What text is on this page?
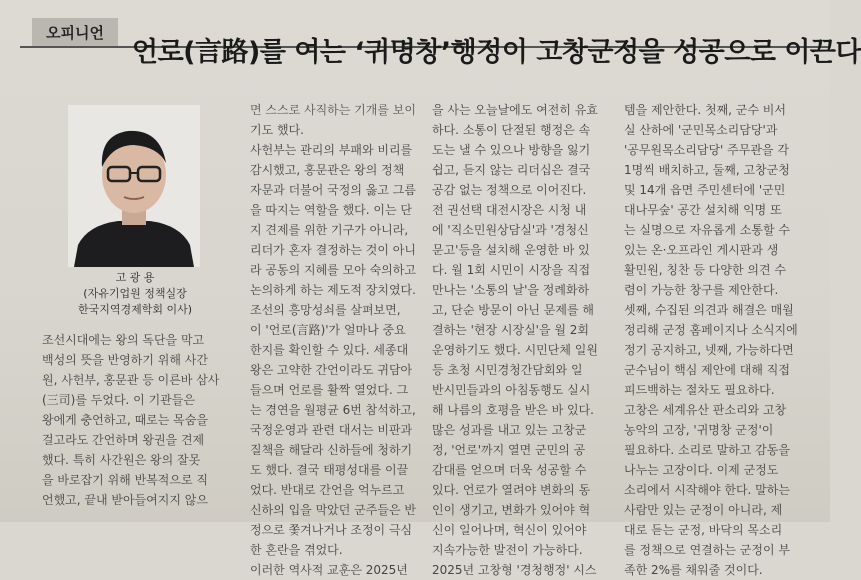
오피니언
언로(言路)를 여는 ‘귀명창’행정이 고창군정을 성공으로 이끈다
고 광 용
(자유기업원 정책실장
한국지역경제학회 이사)
조선시대에는 왕의 독단을 막고
백성의 뜻을 반영하기 위해 사간
원, 사헌부, 홍문관 등 이른바 삼사
(三司)를 두었다. 이 기관들은
왕에게 충언하고, 때로는 목숨을
걸고라도 간언하며 왕권을 견제
했다. 특히 사간원은 왕의 잘못
을 바로잡기 위해 반복적으로 직
언했고, 끝내 받아들여지지 않으
면 스스로 사직하는 기개를 보이
기도 했다.
사헌부는 관리의 부패와 비리를
감시했고, 홍문관은 왕의 정책
자문과 더불어 국정의 옳고 그름
을 따지는 역할을 했다. 이는 단
지 견제를 위한 기구가 아니라,
리더가 혼자 결정하는 것이 아니
라 공동의 지혜를 모아 숙의하고
논의하게 하는 제도적 장치였다.
조선의 흥망성쇠를 살펴보면,
이 '언로(言路)'가 얼마나 중요
한지를 확인할 수 있다. 세종대
왕은 고약한 간언이라도 귀담아
들으며 언로를 활짝 열었다. 그
는 경연을 월평균 6번 참석하고,
국정운영과 관련 대서는 비판과
질책을 해달라 신하들에 청하기
도 했다. 결국 태평성대를 이끌
었다. 반대로 간언을 억누르고
신하의 입을 막았던 군주들은 반
정으로 쫓겨나거나 조정이 극심
한 혼란을 겪었다.
이러한 역사적 교훈은 2025년
을 사는 오늘날에도 여전히 유효
하다. 소통이 단절된 행정은 속
도는 낼 수 있으나 방향을 잃기
쉽고, 듣지 않는 리더십은 결국
공감 없는 정책으로 이어진다.
전 권선택 대전시장은 시청 내
에 '직소민원상담실'과 '경청신
문고'등을 설치해 운영한 바 있
다. 월 1회 시민이 시장을 직접
만나는 '소통의 날'을 정례화하
고, 단순 방문이 아닌 문제를 해
결하는 '현장 시장실'을 월 2회
운영하기도 했다. 시민단체 일원
등 초청 시민경청간담회와 일
반시민들과의 아침동행도 실시
해 나름의 호평을 받은 바 있다.
많은 성과를 내고 있는 고창군
정, '언로'까지 열면 군민의 공
감대를 얻으며 더욱 성공할 수
있다. 언로가 열려야 변화의 동
인이 생기고, 변화가 있어야 혁
신이 일어나며, 혁신이 있어야
지속가능한 발전이 가능하다.
2025년 고창형 '경청행정' 시스
템을 제안한다. 첫째, 군수 비서
실 산하에 '군민목소리담당'과
'공무원목소리담당' 주무관을 각
1명씩 배치하고, 둘째, 고창군청
및 14개 읍면 주민센터에 '군민
대나무숲' 공간 설치해 익명 또
는 실명으로 자유롭게 소통할 수
있는 온·오프라인 게시판과 생
활민원, 칭찬 등 다양한 의견 수
렴이 가능한 창구를 제안한다.
셋째, 수집된 의견과 해결은 매월
정리해 군정 홈페이지나 소식지에
정기 공지하고, 넷째, 가능하다면
군수님이 핵심 제안에 대해 직접
피드백하는 절차도 필요하다.
고창은 세계유산 판소리와 고창
농악의 고장, '귀명창 군정'이
필요하다. 소리로 말하고 감동을
나누는 고장이다. 이제 군정도
소리에서 시작해야 한다. 말하는
사람만 있는 군정이 아니라, 제
대로 듣는 군정, 바닥의 목소리
를 정책으로 연결하는 군정이 부
족한 2%를 채워줄 것이다.
